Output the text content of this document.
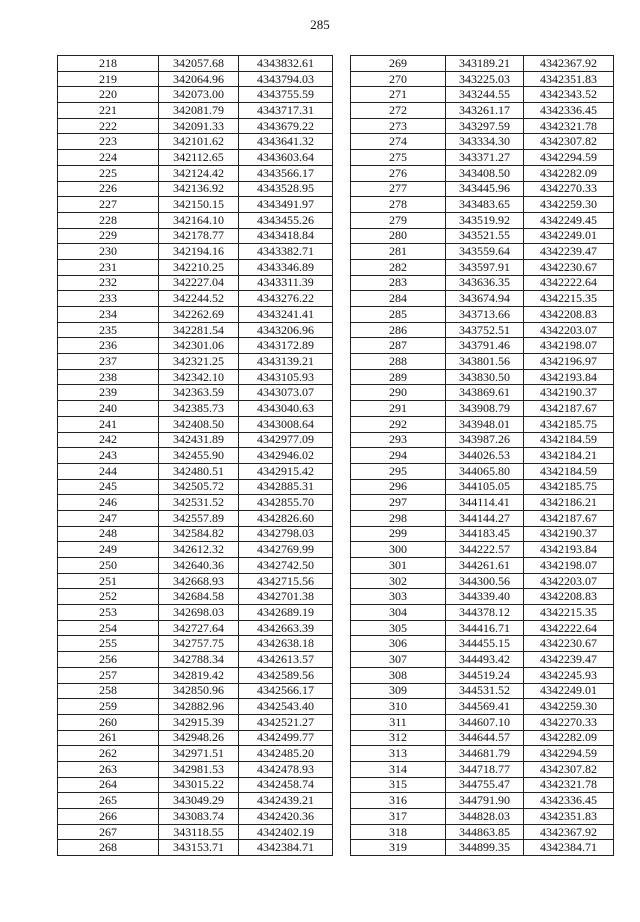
285
218	342057.68	4343832.61
219	342064.96	4343794.03
220	342073.00	4343755.59
221	342081.79	4343717.31
222	342091.33	4343679.22
223	342101.62	4343641.32
224	342112.65	4343603.64
225	342124.42	4343566.17
226	342136.92	4343528.95
227	342150.15	4343491.97
228	342164.10	4343455.26
229	342178.77	4343418.84
230	342194.16	4343382.71
231	342210.25	4343346.89
232	342227.04	4343311.39
233	342244.52	4343276.22
234	342262.69	4343241.41
235	342281.54	4343206.96
236	342301.06	4343172.89
237	342321.25	4343139.21
238	342342.10	4343105.93
239	342363.59	4343073.07
240	342385.73	4343040.63
241	342408.50	4343008.64
242	342431.89	4342977.09
243	342455.90	4342946.02
244	342480.51	4342915.42
245	342505.72	4342885.31
246	342531.52	4342855.70
247	342557.89	4342826.60
248	342584.82	4342798.03
249	342612.32	4342769.99
250	342640.36	4342742.50
251	342668.93	4342715.56
252	342684.58	4342701.38
253	342698.03	4342689.19
254	342727.64	4342663.39
255	342757.75	4342638.18
256	342788.34	4342613.57
257	342819.42	4342589.56
258	342850.96	4342566.17
259	342882.96	4342543.40
260	342915.39	4342521.27
261	342948.26	4342499.77
262	342971.51	4342485.20
263	342981.53	4342478.93
264	343015.22	4342458.74
265	343049.29	4342439.21
266	343083.74	4342420.36
267	343118.55	4342402.19
268	343153.71	4342384.71
269	343189.21	4342367.92
270	343225.03	4342351.83
271	343244.55	4342343.52
272	343261.17	4342336.45
273	343297.59	4342321.78
274	343334.30	4342307.82
275	343371.27	4342294.59
276	343408.50	4342282.09
277	343445.96	4342270.33
278	343483.65	4342259.30
279	343519.92	4342249.45
280	343521.55	4342249.01
281	343559.64	4342239.47
282	343597.91	4342230.67
283	343636.35	4342222.64
284	343674.94	4342215.35
285	343713.66	4342208.83
286	343752.51	4342203.07
287	343791.46	4342198.07
288	343801.56	4342196.97
289	343830.50	4342193.84
290	343869.61	4342190.37
291	343908.79	4342187.67
292	343948.01	4342185.75
293	343987.26	4342184.59
294	344026.53	4342184.21
295	344065.80	4342184.59
296	344105.05	4342185.75
297	344114.41	4342186.21
298	344144.27	4342187.67
299	344183.45	4342190.37
300	344222.57	4342193.84
301	344261.61	4342198.07
302	344300.56	4342203.07
303	344339.40	4342208.83
304	344378.12	4342215.35
305	344416.71	4342222.64
306	344455.15	4342230.67
307	344493.42	4342239.47
308	344519.24	4342245.93
309	344531.52	4342249.01
310	344569.41	4342259.30
311	344607.10	4342270.33
312	344644.57	4342282.09
313	344681.79	4342294.59
314	344718.77	4342307.82
315	344755.47	4342321.78
316	344791.90	4342336.45
317	344828.03	4342351.83
318	344863.85	4342367.92
319	344899.35	4342384.71
